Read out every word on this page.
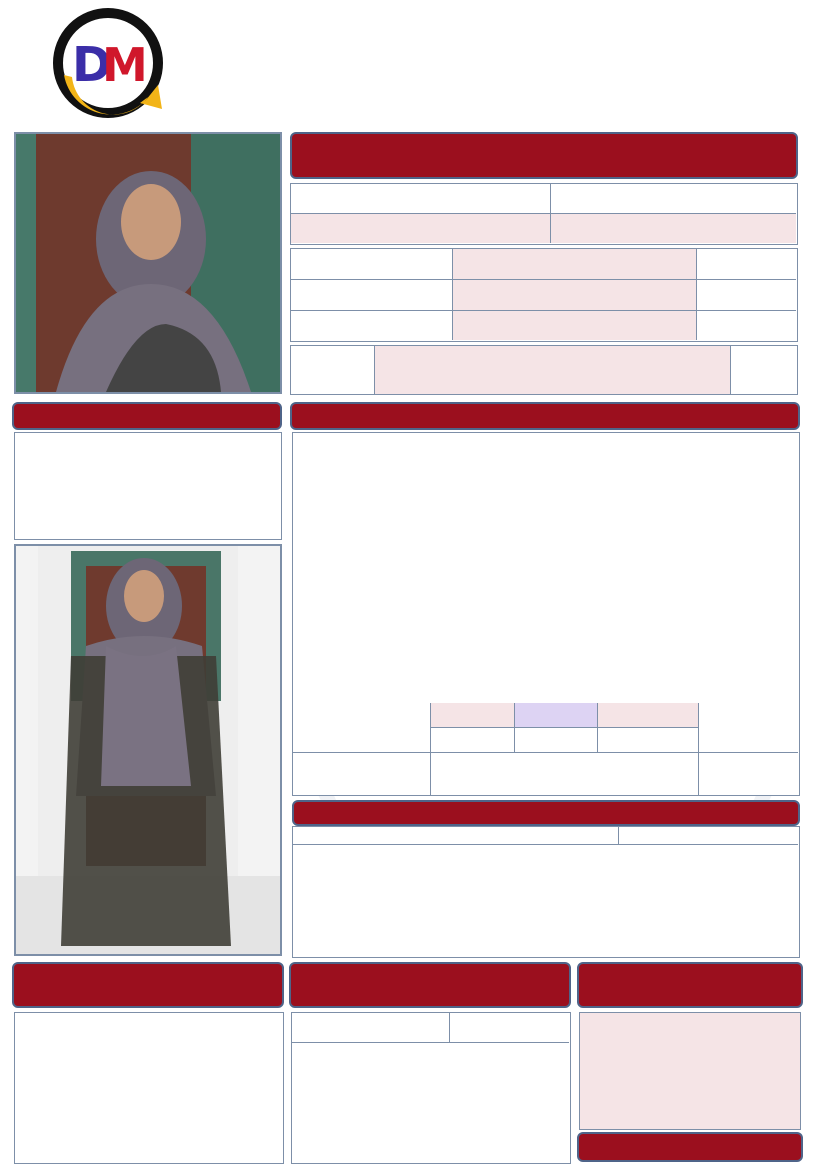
D
M
